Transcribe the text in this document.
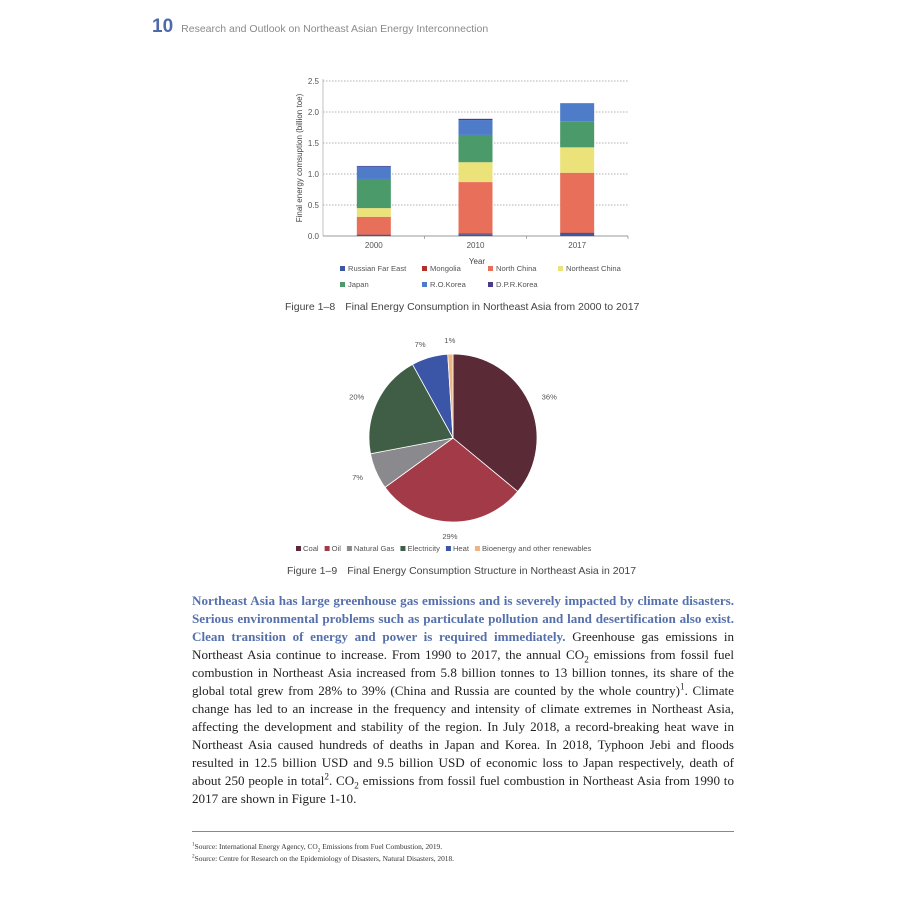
10 Research and Outlook on Northeast Asian Energy Interconnection
0.0
0.5
1.0
1.5
2.0
2.5
2000	2010	2017
Year
Final energy comsuption (billion toe)
Russian Far East	Mongolia	North China	Northeast China
Japan	R.O.Korea	D.P.R.Korea
Figure 1–8 Final Energy Consumption in Northeast Asia from 2000 to 2017
36%
29%
7%
20%
7% 1%
Coal Oil Natural Gas Electricity Heat Bioenergy and other renewables
Figure 1–9 Final Energy Consumption Structure in Northeast Asia in 2017

Northeast Asia has large greenhouse gas emissions and is severely impacted by climate disasters. Serious environmental problems such as particulate pollution and land desertification also exist. Clean transition of energy and power is required immediately. Greenhouse gas emissions in Northeast Asia continue to increase. From 1990 to 2017, the annual $CO_2$ emissions from fossil fuel combustion in Northeast Asia increased from 5.8 billion tonnes to 13 billion tonnes, its share of the global total grew from 28% to 39% (China and Russia are counted by the whole country)$^1$. Climate change has led to an increase in the frequency and intensity of climate extremes in Northeast Asia, affecting the development and stability of the region. In July 2018, a record-breaking heat wave in Northeast Asia caused hundreds of deaths in Japan and Korea. In 2018, Typhoon Jebi and floods resulted in 12.5 billion USD and 9.5 billion USD of economic loss to Japan respectively, death of about 250 people in total$^2$. $CO_2$ emissions from fossil fuel combustion in Northeast Asia from 1990 to 2017 are shown in Figure 1-10.

$^1$Source: International Energy Agency, $CO_2$ Emissions from Fuel Combustion, 2019.
$^2$Source: Centre for Research on the Epidemiology of Disasters, Natural Disasters, 2018.
